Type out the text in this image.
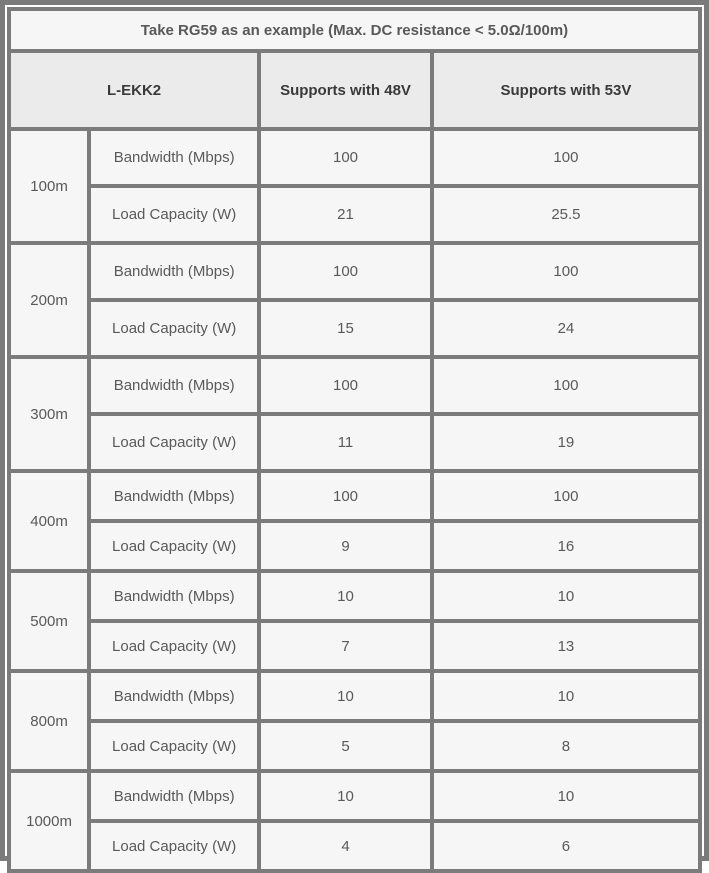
Take RG59 as an example (Max. DC resistance < 5.0Ω/100m)			
L-EKK2		Supports with 48V	Supports with 53V
100m	Bandwidth (Mbps)	100	100
	Load Capacity (W)	21	25.5
200m	Bandwidth (Mbps)	100	100
	Load Capacity (W)	15	24
300m	Bandwidth (Mbps)	100	100
	Load Capacity (W)	11	19
400m	Bandwidth (Mbps)	100	100
	Load Capacity (W)	9	16
500m	Bandwidth (Mbps)	10	10
	Load Capacity (W)	7	13
800m	Bandwidth (Mbps)	10	10
	Load Capacity (W)	5	8
1000m	Bandwidth (Mbps)	10	10
	Load Capacity (W)	4	6
